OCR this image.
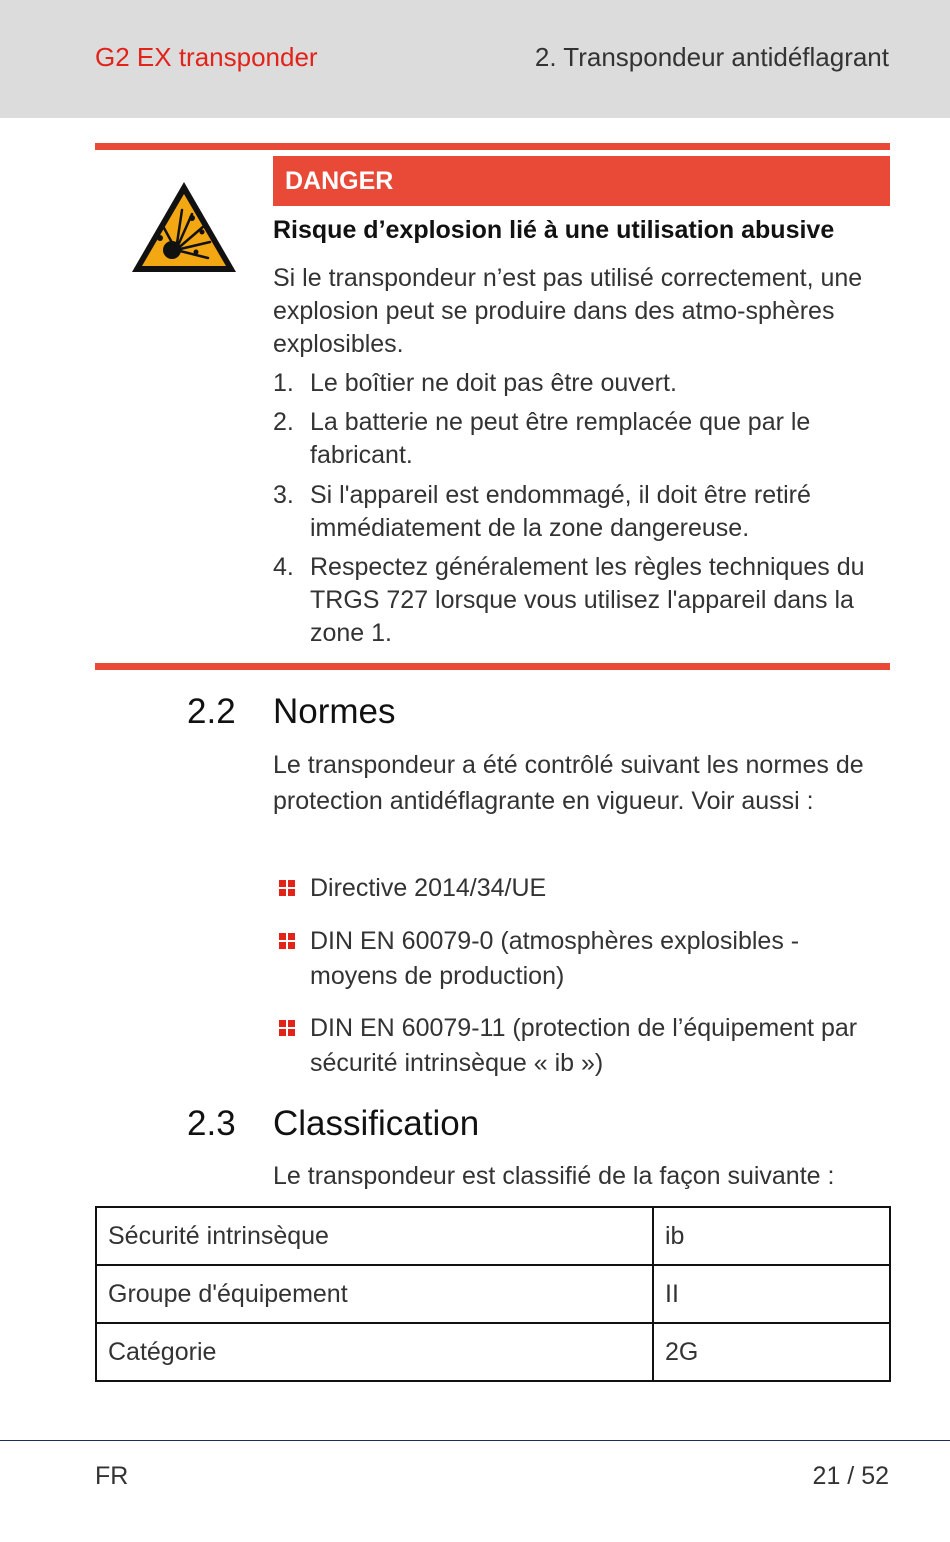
G2 EX transponder	2. Transpondeur antidéflagrant
DANGER
Risque d’explosion lié à une utilisation abusive
Si le transpondeur n’est pas utilisé correctement, une explosion peut se produire dans des atmo-sphères explosibles.
1. Le boîtier ne doit pas être ouvert.
2. La batterie ne peut être remplacée que par le fabricant.
3. Si l'appareil est endommagé, il doit être retiré immédiatement de la zone dangereuse.
4. Respectez généralement les règles techniques du TRGS 727 lorsque vous utilisez l'appareil dans la zone 1.
2.2 Normes
Le transpondeur a été contrôlé suivant les normes de protection antidéflagrante en vigueur. Voir aussi :
Directive 2014/34/UE
DIN EN 60079-0 (atmosphères explosibles - moyens de production)
DIN EN 60079-11 (protection de l’équipement par sécurité intrinsèque « ib »)
2.3 Classification
Le transpondeur est classifié de la façon suivante :
Sécurité intrinsèque	ib
Groupe d'équipement	II
Catégorie	2G
FR	21 / 52
